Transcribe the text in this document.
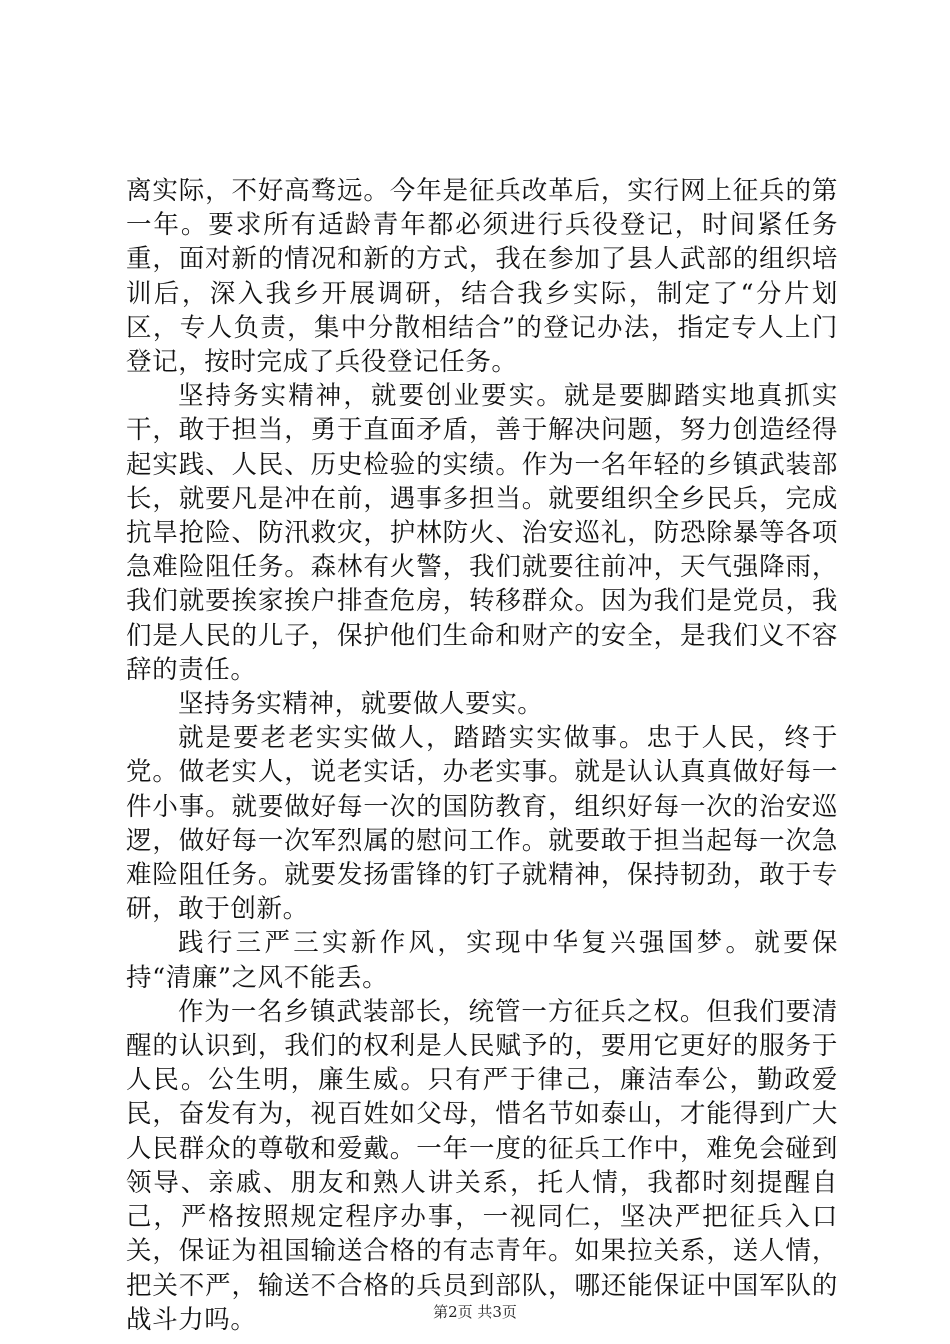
离实际，不好高骛远。今年是征兵改革后，实行网上征兵的第一年。要求所有适龄青年都必须进行兵役登记，时间紧任务重，面对新的情况和新的方式，我在参加了县人武部的组织培训后，深入我乡开展调研，结合我乡实际，制定了“分片划区，专人负责，集中分散相结合”的登记办法，指定专人上门登记，按时完成了兵役登记任务。

坚持务实精神，就要创业要实。就是要脚踏实地真抓实干，敢于担当，勇于直面矛盾，善于解决问题，努力创造经得起实践、人民、历史检验的实绩。作为一名年轻的乡镇武装部长，就要凡是冲在前，遇事多担当。就要组织全乡民兵，完成抗旱抢险、防汛救灾，护林防火、治安巡礼，防恐除暴等各项急难险阻任务。森林有火警，我们就要往前冲，天气强降雨，我们就要挨家挨户排查危房，转移群众。因为我们是党员，我们是人民的儿子，保护他们生命和财产的安全，是我们义不容辞的责任。

坚持务实精神，就要做人要实。

就是要老老实实做人，踏踏实实做事。忠于人民，终于党。做老实人，说老实话，办老实事。就是认认真真做好每一件小事。就要做好每一次的国防教育，组织好每一次的治安巡逻，做好每一次军烈属的慰问工作。就要敢于担当起每一次急难险阻任务。就要发扬雷锋的钉子就精神，保持韧劲，敢于专研，敢于创新。

践行三严三实新作风，实现中华复兴强国梦。就要保持“清廉”之风不能丢。

作为一名乡镇武装部长，统管一方征兵之权。但我们要清醒的认识到，我们的权利是人民赋予的，要用它更好的服务于人民。公生明，廉生威。只有严于律己，廉洁奉公，勤政爱民，奋发有为，视百姓如父母，惜名节如泰山，才能得到广大人民群众的尊敬和爱戴。一年一度的征兵工作中，难免会碰到领导、亲戚、朋友和熟人讲关系，托人情，我都时刻提醒自己，严格按照规定程序办事，一视同仁，坚决严把征兵入口关，保证为祖国输送合格的有志青年。如果拉关系，送人情，把关不严，输送不合格的兵员到部队，哪还能保证中国军队的战斗力吗。	第2页 共3页
